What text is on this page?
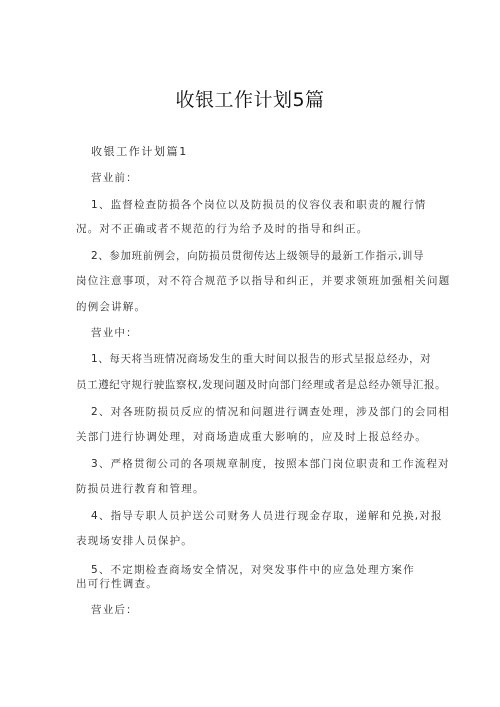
收银工作计划5篇
收银工作计划篇1
营业前：
1、监督检查防损各个岗位以及防损员的仪容仪表和职责的履行情
况。对不正确或者不规范的行为给予及时的指导和纠正。
2、参加班前例会，向防损员贯彻传达上级领导的最新工作指示,训导
岗位注意事项，对不符合规范予以指导和纠正，并要求领班加强相关问题
的例会讲解。
营业中：
1、每天将当班情况商场发生的重大时间以报告的形式呈报总经办，对
员工遵纪守规行驶监察权,发现问题及时向部门经理或者是总经办领导汇报。
2、对各班防损员反应的情况和问题进行调查处理，涉及部门的会同相
关部门进行协调处理，对商场造成重大影响的，应及时上报总经办。
3、严格贯彻公司的各项规章制度，按照本部门岗位职责和工作流程对
防损员进行教育和管理。
4、指导专职人员护送公司财务人员进行现金存取，递解和兑换,对报
表现场安排人员保护。
5、不定期检查商场安全情况，对突发事件中的应急处理方案作
出可行性调查。
营业后：
